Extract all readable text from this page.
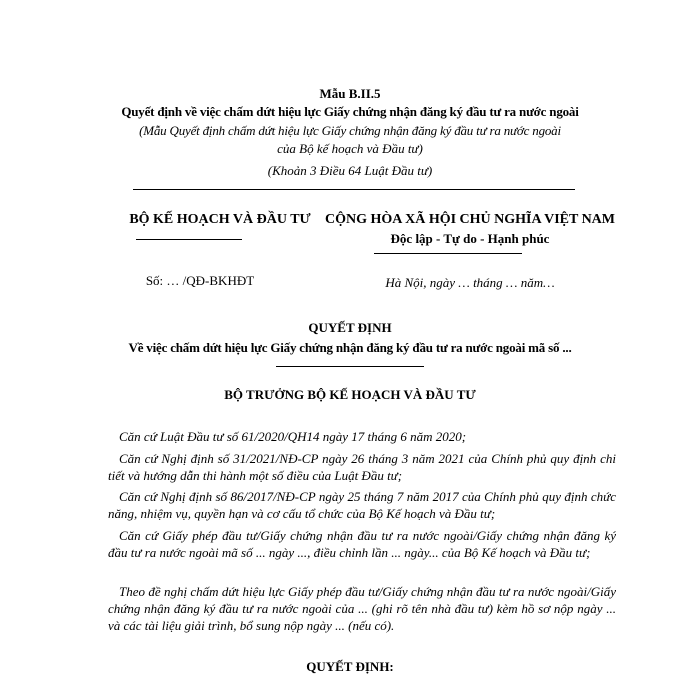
Mẫu B.II.5
Quyết định về việc chấm dứt hiệu lực Giấy chứng nhận đăng ký đầu tư ra nước ngoài
(Mẫu Quyết định chấm dứt hiệu lực Giấy chứng nhận đăng ký đầu tư ra nước ngoài
của Bộ kế hoạch và Đầu tư)
(Khoản 3 Điều 64 Luật Đầu tư)
BỘ KẾ HOẠCH VÀ ĐẦU TƯ
Số: … /QĐ-BKHĐT
CỘNG HÒA XÃ HỘI CHỦ NGHĨA VIỆT NAM
Độc lập - Tự do - Hạnh phúc
Hà Nội, ngày … tháng … năm…
QUYẾT ĐỊNH
Về việc chấm dứt hiệu lực Giấy chứng nhận đăng ký đầu tư ra nước ngoài mã số ...
BỘ TRƯỞNG BỘ KẾ HOẠCH VÀ ĐẦU TƯ
Căn cứ Luật Đầu tư số 61/2020/QH14 ngày 17 tháng 6 năm 2020;
Căn cứ Nghị định số 31/2021/NĐ-CP ngày 26 tháng 3 năm 2021 của Chính phủ quy định chi tiết và hướng dẫn thi hành một số điều của Luật Đầu tư;
Căn cứ Nghị định số 86/2017/NĐ-CP ngày 25 tháng 7 năm 2017 của Chính phủ quy định chức năng, nhiệm vụ, quyền hạn và cơ cấu tổ chức của Bộ Kế hoạch và Đầu tư;
Căn cứ Giấy phép đầu tư/Giấy chứng nhận đầu tư ra nước ngoài/Giấy chứng nhận đăng ký đầu tư ra nước ngoài mã số ... ngày ..., điều chỉnh lần ... ngày... của Bộ Kế hoạch và Đầu tư;
Theo đề nghị chấm dứt hiệu lực Giấy phép đầu tư/Giấy chứng nhận đầu tư ra nước ngoài/Giấy chứng nhận đăng ký đầu tư ra nước ngoài của ... (ghi rõ tên nhà đầu tư) kèm hồ sơ nộp ngày ... và các tài liệu giải trình, bổ sung nộp ngày ... (nếu có).
QUYẾT ĐỊNH:
